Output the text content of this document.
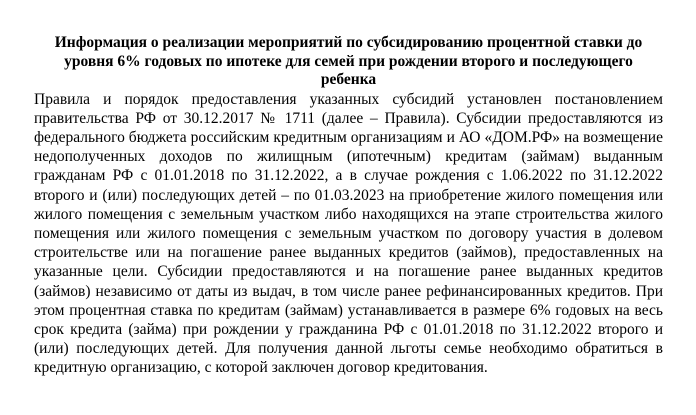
Информация о реализации мероприятий по субсидированию процентной ставки до уровня 6% годовых по ипотеке для семей при рождении второго и последующего ребенка

Правила и порядок предоставления указанных субсидий установлен постановлением правительства РФ от 30.12.2017 № 1711 (далее – Правила). Субсидии предоставляются из федерального бюджета российским кредитным организациям и АО «ДОМ.РФ» на возмещение недополученных доходов по жилищным (ипотечным) кредитам (займам) выданным гражданам РФ с 01.01.2018 по 31.12.2022, а в случае рождения с 1.06.2022 по 31.12.2022 второго и (или) последующих детей – по 01.03.2023 на приобретение жилого помещения или жилого помещения с земельным участком либо находящихся на этапе строительства жилого помещения или жилого помещения с земельным участком по договору участия в долевом строительстве или на погашение ранее выданных кредитов (займов), предоставленных на указанные цели. Субсидии предоставляются и на погашение ранее выданных кредитов (займов) независимо от даты из выдач, в том числе ранее рефинансированных кредитов. При этом процентная ставка по кредитам (займам) устанавливается в размере 6% годовых на весь срок кредита (займа) при рождении у гражданина РФ с 01.01.2018 по 31.12.2022 второго и (или) последующих детей. Для получения данной льготы семье необходимо обратиться в кредитную организацию, с которой заключен договор кредитования.
